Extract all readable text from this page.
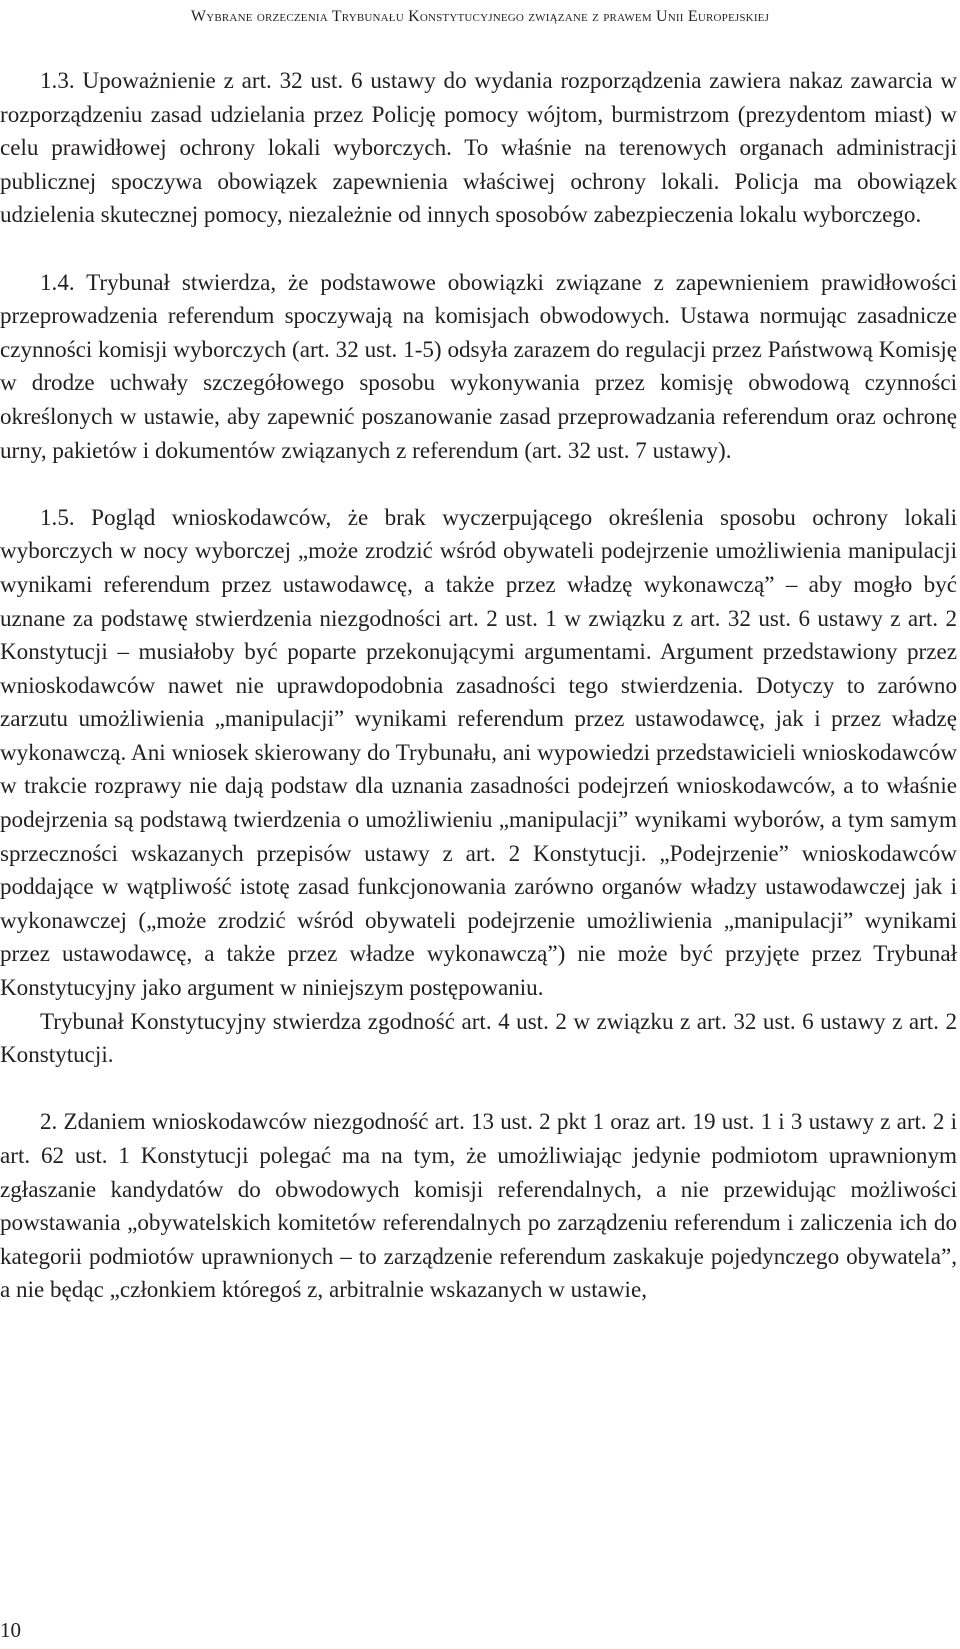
Wybrane orzeczenia Trybunału Konstytucyjnego związane z prawem Unii Europejskiej

1.3. Upoważnienie z art. 32 ust. 6 ustawy do wydania rozporządzenia zawiera nakaz zawarcia w rozporządzeniu zasad udzielania przez Policję pomocy wójtom, burmistrzom (prezydentom miast) w celu prawidłowej ochrony lokali wyborczych. To właśnie na terenowych organach administracji publicznej spoczywa obowiązek zapewnienia właściwej ochrony lokali. Policja ma obowiązek udzielenia skutecznej pomocy, niezależnie od innych sposobów zabezpieczenia lokalu wyborczego.

1.4. Trybunał stwierdza, że podstawowe obowiązki związane z zapewnieniem prawidłowości przeprowadzenia referendum spoczywają na komisjach obwodowych. Ustawa normując zasadnicze czynności komisji wyborczych (art. 32 ust. 1-5) odsyła zarazem do regulacji przez Państwową Komisję w drodze uchwały szczegółowego sposobu wykonywania przez komisję obwodową czynności określonych w ustawie, aby zapewnić poszanowanie zasad przeprowadzania referendum oraz ochronę urny, pakietów i dokumentów związanych z referendum (art. 32 ust. 7 ustawy).

1.5. Pogląd wnioskodawców, że brak wyczerpującego określenia sposobu ochrony lokali wyborczych w nocy wyborczej „może zrodzić wśród obywateli podejrzenie umożliwienia manipulacji wynikami referendum przez ustawodawcę, a także przez władzę wykonawczą” – aby mogło być uznane za podstawę stwierdzenia niezgodności art. 2 ust. 1 w związku z art. 32 ust. 6 ustawy z art. 2 Konstytucji – musiałoby być poparte przekonującymi argumentami. Argument przedstawiony przez wnioskodawców nawet nie uprawdopodobnia zasadności tego stwierdzenia. Dotyczy to zarówno zarzutu umożliwienia „manipulacji” wynikami referendum przez ustawodawcę, jak i przez władzę wykonawczą. Ani wniosek skierowany do Trybunału, ani wypowiedzi przedstawicieli wnioskodawców w trakcie rozprawy nie dają podstaw dla uznania zasadności podejrzeń wnioskodawców, a to właśnie podejrzenia są podstawą twierdzenia o umożliwieniu „manipulacji” wynikami wyborów, a tym samym sprzeczności wskazanych przepisów ustawy z art. 2 Konstytucji. „Podejrzenie” wnioskodawców poddające w wątpliwość istotę zasad funkcjonowania zarówno organów władzy ustawodawczej jak i wykonawczej („może zrodzić wśród obywateli podejrzenie umożliwienia „manipulacji” wynikami przez ustawodawcę, a także przez władze wykonawczą”) nie może być przyjęte przez Trybunał Konstytucyjny jako argument w niniejszym postępowaniu.

Trybunał Konstytucyjny stwierdza zgodność art. 4 ust. 2 w związku z art. 32 ust. 6 ustawy z art. 2 Konstytucji.

2. Zdaniem wnioskodawców niezgodność art. 13 ust. 2 pkt 1 oraz art. 19 ust. 1 i 3 ustawy z art. 2 i art. 62 ust. 1 Konstytucji polegać ma na tym, że umożliwiając jedynie podmiotom uprawnionym zgłaszanie kandydatów do obwodowych komisji referendalnych, a nie przewidując możliwości powstawania „obywatelskich komitetów referendalnych po zarządzeniu referendum i zaliczenia ich do kategorii podmiotów uprawnionych – to zarządzenie referendum zaskakuje pojedynczego obywatela”, a nie będąc „członkiem któregoś z, arbitralnie wskazanych w ustawie,

10
